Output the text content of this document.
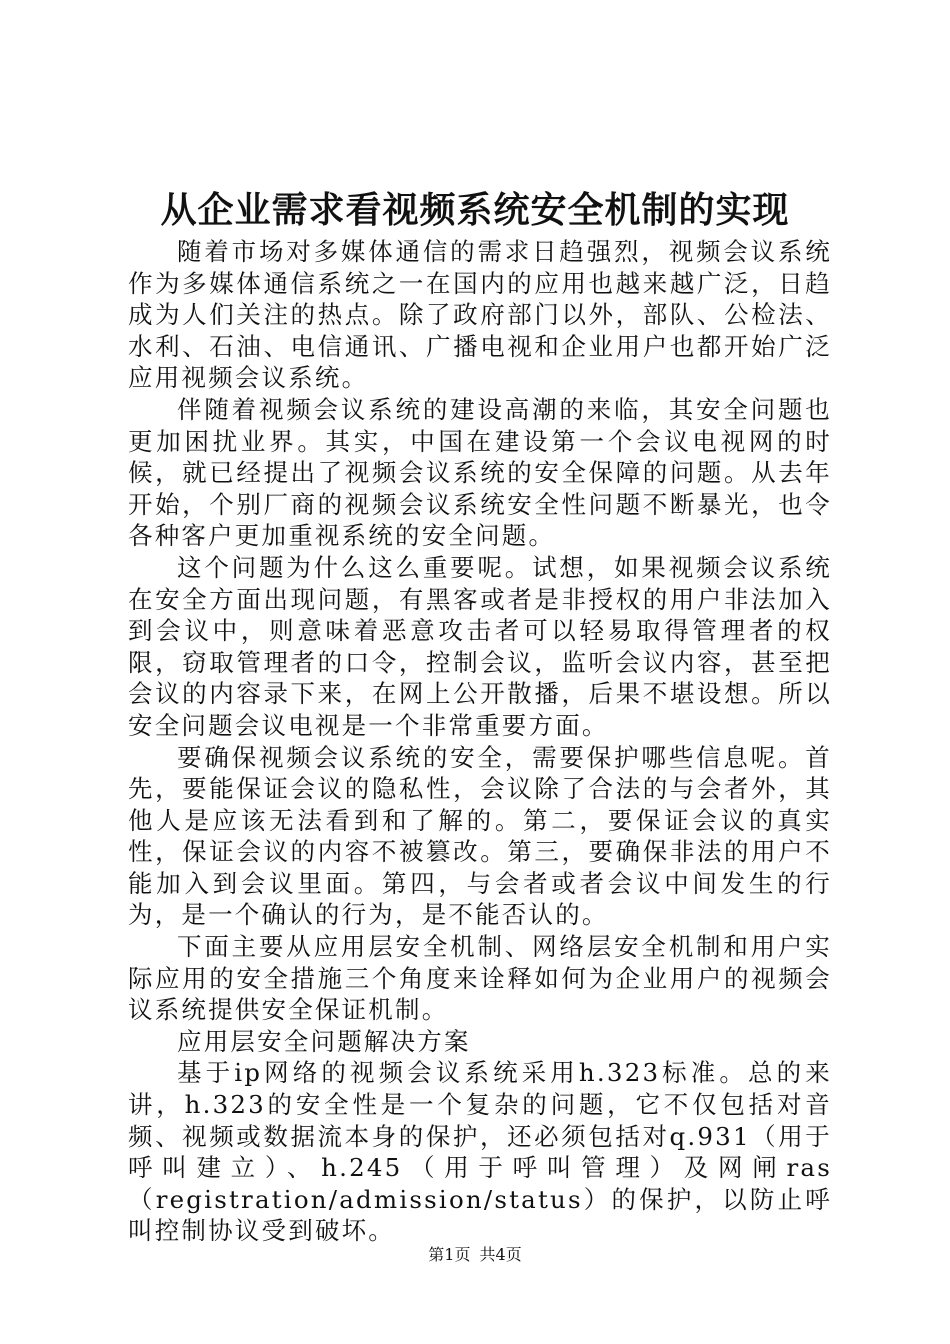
从企业需求看视频系统安全机制的实现

随着市场对多媒体通信的需求日趋强烈，视频会议系统作为多媒体通信系统之一在国内的应用也越来越广泛，日趋成为人们关注的热点。除了政府部门以外，部队、公检法、水利、石油、电信通讯、广播电视和企业用户也都开始广泛应用视频会议系统。

伴随着视频会议系统的建设高潮的来临，其安全问题也更加困扰业界。其实，中国在建设第一个会议电视网的时候，就已经提出了视频会议系统的安全保障的问题。从去年开始，个别厂商的视频会议系统安全性问题不断暴光，也令各种客户更加重视系统的安全问题。

这个问题为什么这么重要呢。试想，如果视频会议系统在安全方面出现问题，有黑客或者是非授权的用户非法加入到会议中，则意味着恶意攻击者可以轻易取得管理者的权限，窃取管理者的口令，控制会议，监听会议内容，甚至把会议的内容录下来，在网上公开散播，后果不堪设想。所以安全问题会议电视是一个非常重要方面。

要确保视频会议系统的安全，需要保护哪些信息呢。首先，要能保证会议的隐私性，会议除了合法的与会者外，其他人是应该无法看到和了解的。第二，要保证会议的真实性，保证会议的内容不被篡改。第三，要确保非法的用户不能加入到会议里面。第四，与会者或者会议中间发生的行为，是一个确认的行为，是不能否认的。

下面主要从应用层安全机制、网络层安全机制和用户实际应用的安全措施三个角度来诠释如何为企业用户的视频会议系统提供安全保证机制。

应用层安全问题解决方案

基于ip网络的视频会议系统采用h.323标准。总的来讲，h.323的安全性是一个复杂的问题，它不仅包括对音频、视频或数据流本身的保护，还必须包括对q.931（用于呼叫建立）、h.245（用于呼叫管理）及网闸ras（registration/admission/status）的保护，以防止呼叫控制协议受到破坏。

第1页 共4页
